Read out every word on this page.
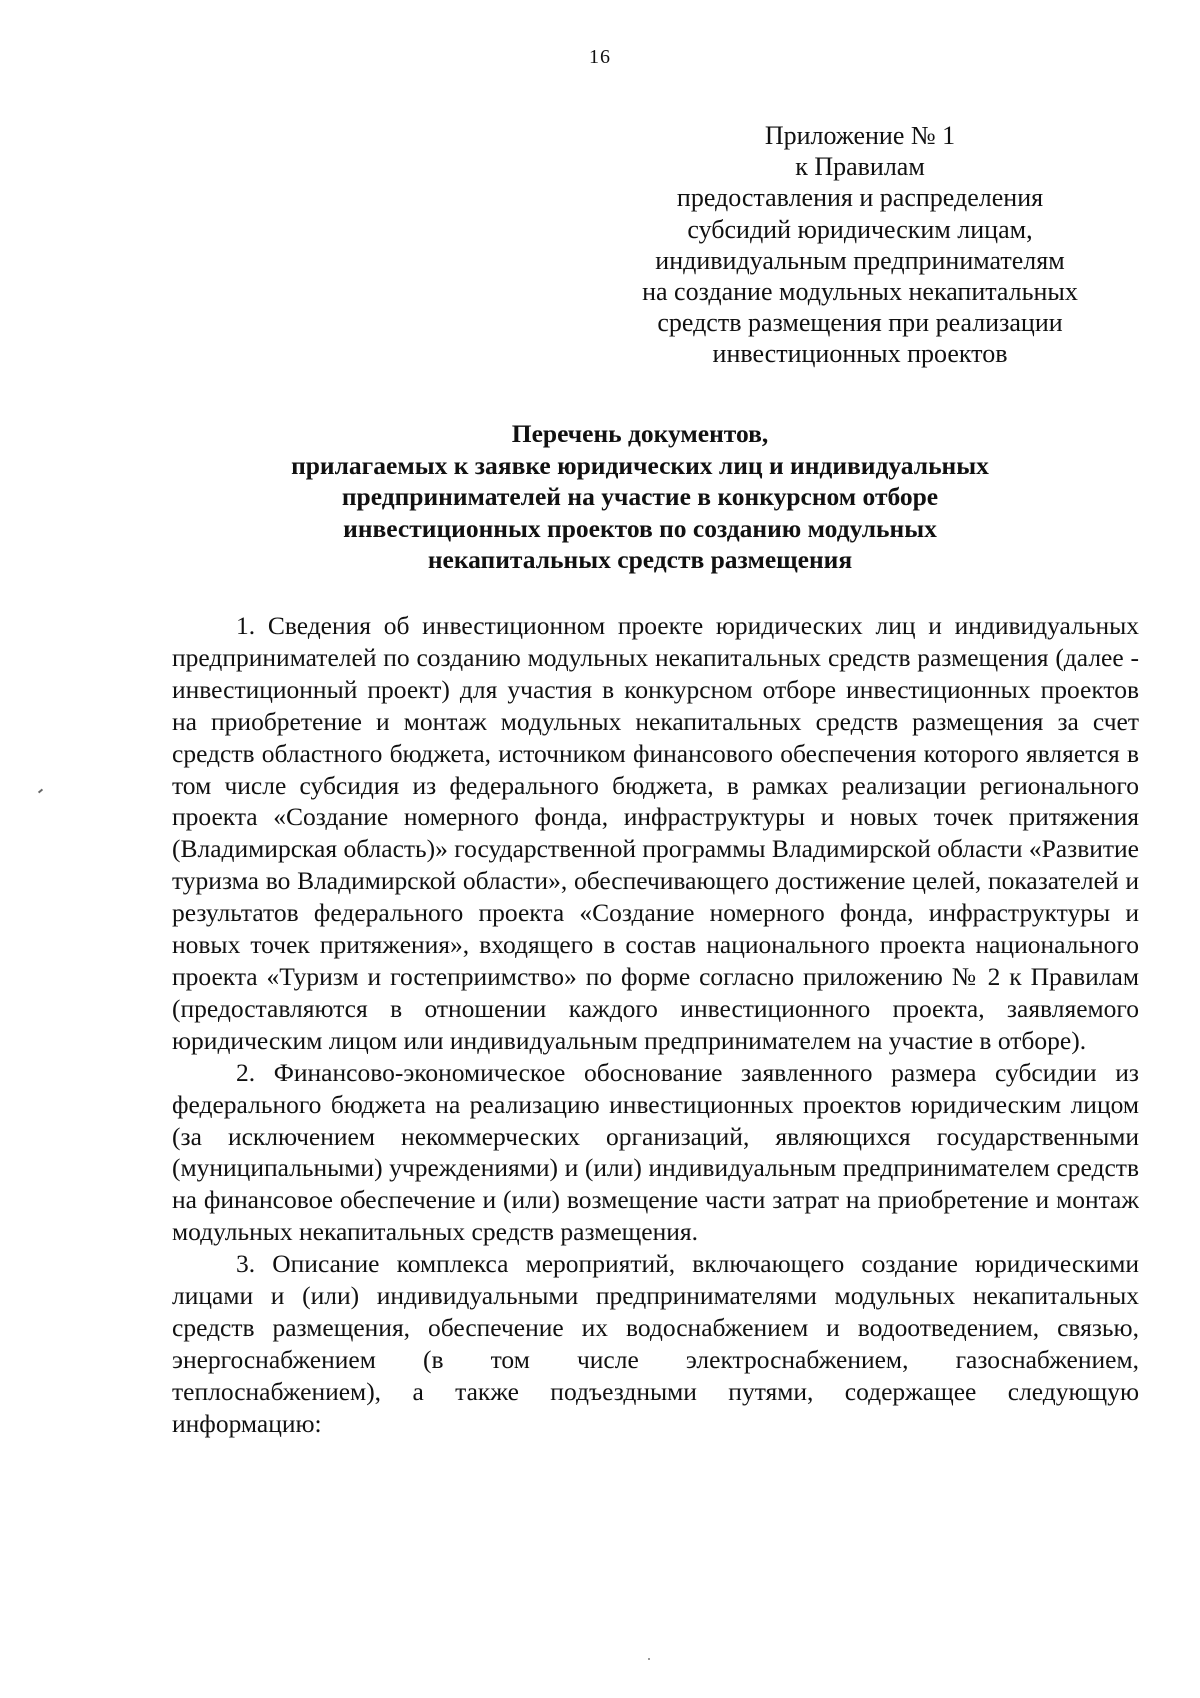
16
Приложение № 1
к Правилам
предоставления и распределения
субсидий юридическим лицам,
индивидуальным предпринимателям
на создание модульных некапитальных
средств размещения при реализации
инвестиционных проектов
Перечень документов,
прилагаемых к заявке юридических лиц и индивидуальных
предпринимателей на участие в конкурсном отборе
инвестиционных проектов по созданию модульных
некапитальных средств размещения

1. Сведения об инвестиционном проекте юридических лиц и индивидуальных предпринимателей по созданию модульных некапитальных средств размещения (далее - инвестиционный проект) для участия в конкурсном отборе инвестиционных проектов на приобретение и монтаж модульных некапитальных средств размещения за счет средств областного бюджета, источником финансового обеспечения которого является в том числе субсидия из федерального бюджета, в рамках реализации регионального проекта «Создание номерного фонда, инфраструктуры и новых точек притяжения (Владимирская область)» государственной программы Владимирской области «Развитие туризма во Владимирской области», обеспечивающего достижение целей, показателей и результатов федерального проекта «Создание номерного фонда, инфраструктуры и новых точек притяжения», входящего в состав национального проекта национального проекта «Туризм и гостеприимство» по форме согласно приложению № 2 к Правилам (предоставляются в отношении каждого инвестиционного проекта, заявляемого юридическим лицом или индивидуальным предпринимателем на участие в отборе).

2. Финансово-экономическое обоснование заявленного размера субсидии из федерального бюджета на реализацию инвестиционных проектов юридическим лицом (за исключением некоммерческих организаций, являющихся государственными (муниципальными) учреждениями) и (или) индивидуальным предпринимателем средств на финансовое обеспечение и (или) возмещение части затрат на приобретение и монтаж модульных некапитальных средств размещения.

3. Описание комплекса мероприятий, включающего создание юридическими лицами и (или) индивидуальными предпринимателями модульных некапитальных средств размещения, обеспечение их водоснабжением и водоотведением, связью, энергоснабжением (в том числе электроснабжением, газоснабжением, теплоснабжением), а также подъездными путями, содержащее следующую информацию:
